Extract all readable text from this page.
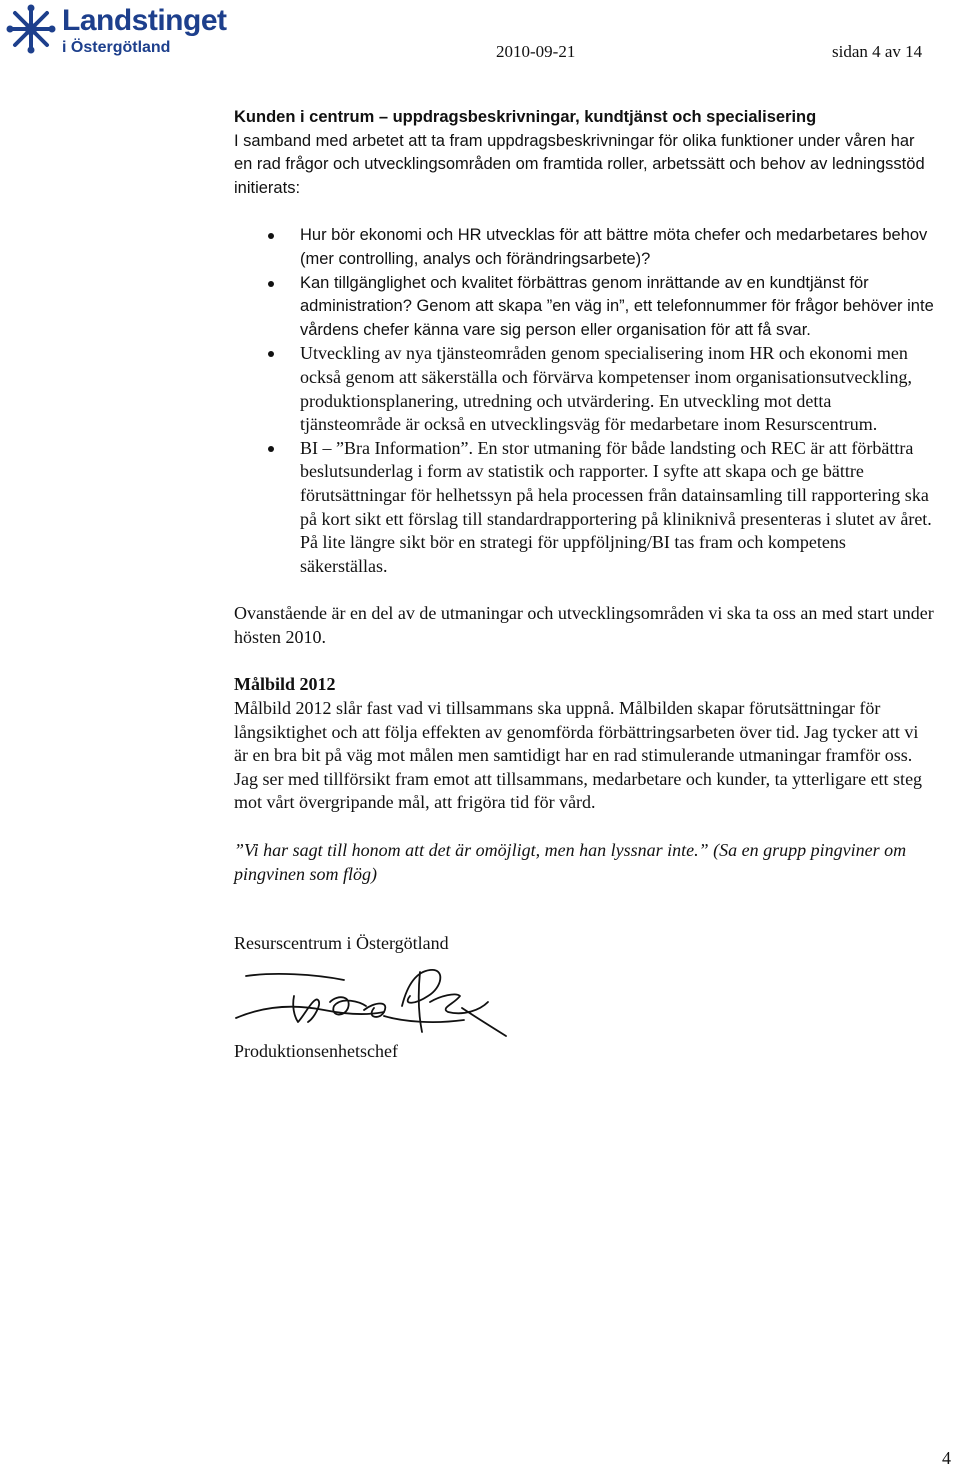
Landstinget
i Östergötland	2010-09-21	sidan 4 av 14

Kunden i centrum – uppdragsbeskrivningar, kundtjänst och specialisering

I samband med arbetet att ta fram uppdragsbeskrivningar för olika funktioner under våren har en rad frågor och utvecklingsområden om framtida roller, arbetssätt och behov av ledningsstöd initierats:

Hur bör ekonomi och HR utvecklas för att bättre möta chefer och medarbetares behov (mer controlling, analys och förändringsarbete)?
Kan tillgänglighet och kvalitet förbättras genom inrättande av en kundtjänst för administration? Genom att skapa ”en väg in”, ett telefonnummer för frågor behöver inte vårdens chefer känna vare sig person eller organisation för att få svar.
Utveckling av nya tjänsteområden genom specialisering inom HR och ekonomi men också genom att säkerställa och förvärva kompetenser inom organisationsutveckling, produktionsplanering, utredning och utvärdering. En utveckling mot detta tjänsteområde är också en utvecklingsväg för medarbetare inom Resurscentrum.
BI – ”Bra Information”. En stor utmaning för både landsting och REC är att förbättra beslutsunderlag i form av statistik och rapporter. I syfte att skapa och ge bättre förutsättningar för helhetssyn på hela processen från datainsamling till rapportering ska på kort sikt ett förslag till standardrapportering på kliniknivå presenteras i slutet av året. På lite längre sikt bör en strategi för uppföljning/BI tas fram och kompetens säkerställas.

Ovanstående är en del av de utmaningar och utvecklingsområden vi ska ta oss an med start under hösten 2010.

Målbild 2012

Målbild 2012 slår fast vad vi tillsammans ska uppnå. Målbilden skapar förutsättningar för långsiktighet och att följa effekten av genomförda förbättringsarbeten över tid. Jag tycker att vi är en bra bit på väg mot målen men samtidigt har en rad stimulerande utmaningar framför oss. Jag ser med tillförsikt fram emot att tillsammans, medarbetare och kunder, ta ytterligare ett steg mot vårt övergripande mål, att frigöra tid för vård.

”Vi har sagt till honom att det är omöjligt, men han lyssnar inte.” (Sa en grupp pingviner om pingvinen som flög)

Resurscentrum i Östergötland

Produktionsenhetschef

4
